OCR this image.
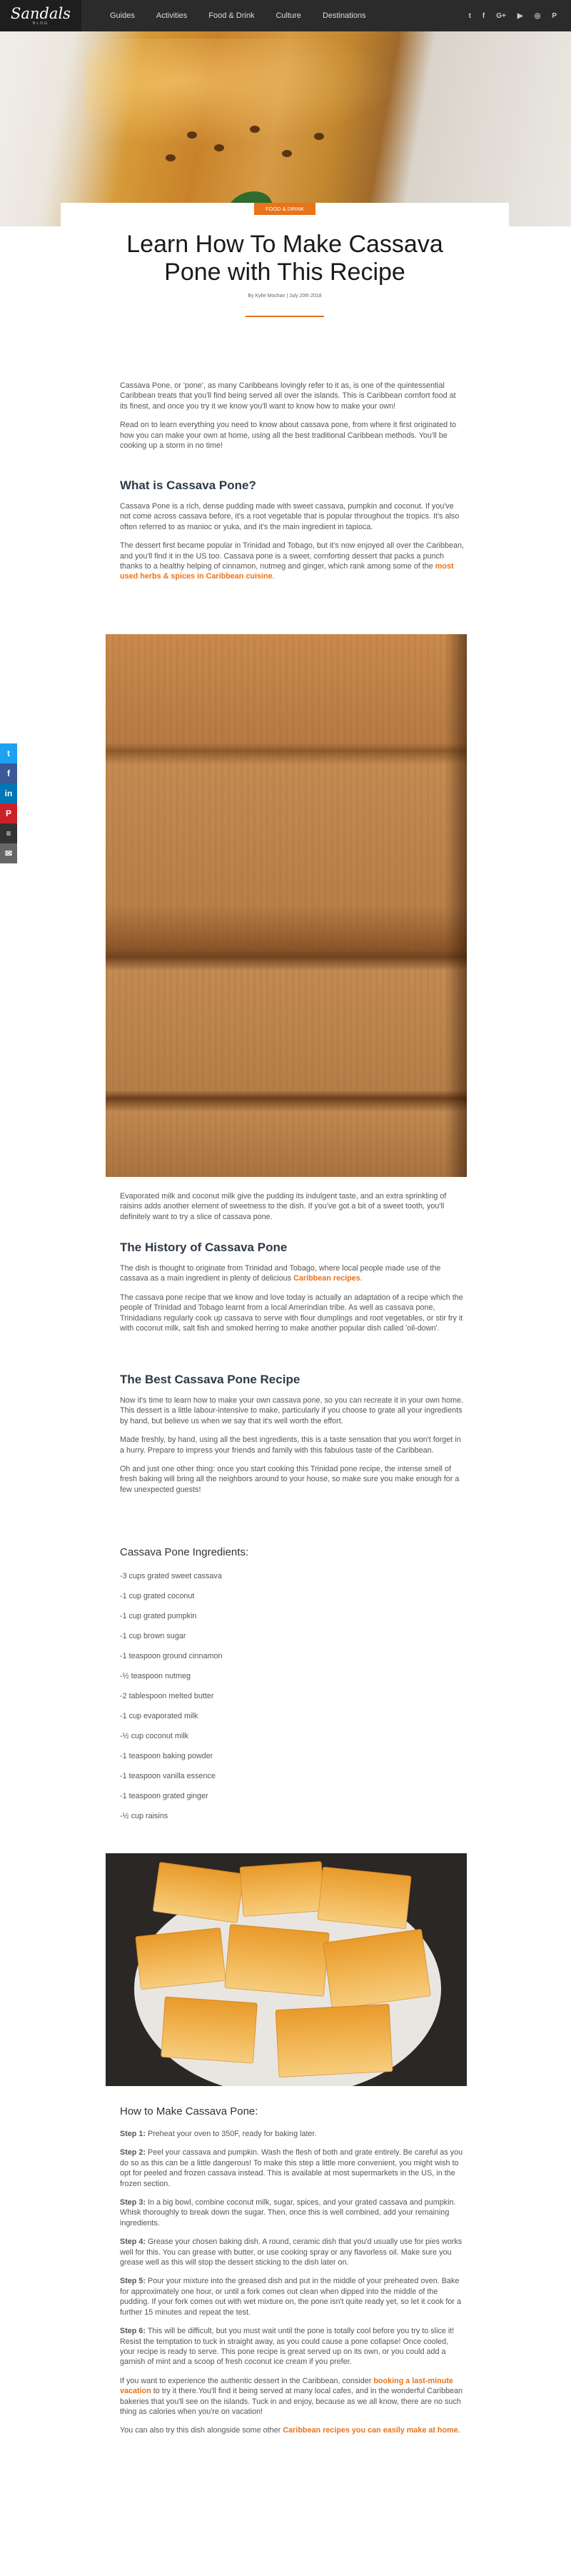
Sandals
BLOG
Guides	Activities	Food & Drink	Culture	Destinations	t f G+ ▶ ◎ P
FOOD & DRINK
Learn How To Make Cassava Pone with This Recipe
By Kylie Mochan | July 20th 2018
t
f
in
P
≡
✉

Cassava Pone, or 'pone', as many Caribbeans lovingly refer to it as, is one of the quintessential Caribbean treats that you'll find being served all over the islands. This is Caribbean comfort food at its finest, and once you try it we know you'll want to know how to make your own!

Read on to learn everything you need to know about cassava pone, from where it first originated to how you can make your own at home, using all the best traditional Caribbean methods. You'll be cooking up a storm in no time!

What is Cassava Pone?

Cassava Pone is a rich, dense pudding made with sweet cassava, pumpkin and coconut. If you've not come across cassava before, it's a root vegetable that is popular throughout the tropics. It's also often referred to as manioc or yuka, and it's the main ingredient in tapioca.

The dessert first became popular in Trinidad and Tobago, but it's now enjoyed all over the Caribbean, and you'll find it in the US too. Cassava pone is a sweet, comforting dessert that packs a punch thanks to a healthy helping of cinnamon, nutmeg and ginger, which rank among some of the most used herbs & spices in Caribbean cuisine.

Evaporated milk and coconut milk give the pudding its indulgent taste, and an extra sprinkling of raisins adds another element of sweetness to the dish. If you've got a bit of a sweet tooth, you'll definitely want to try a slice of cassava pone.

The History of Cassava Pone

The dish is thought to originate from Trinidad and Tobago, where local people made use of the cassava as a main ingredient in plenty of delicious Caribbean recipes.

The cassava pone recipe that we know and love today is actually an adaptation of a recipe which the people of Trinidad and Tobago learnt from a local Amerindian tribe. As well as cassava pone, Trinidadians regularly cook up cassava to serve with flour dumplings and root vegetables, or stir fry it with coconut milk, salt fish and smoked herring to make another popular dish called 'oil-down'.

The Best Cassava Pone Recipe

Now it's time to learn how to make your own cassava pone, so you can recreate it in your own home. This dessert is a little labour-intensive to make, particularly if you choose to grate all your ingredients by hand, but believe us when we say that it's well worth the effort.

Made freshly, by hand, using all the best ingredients, this is a taste sensation that you won't forget in a hurry. Prepare to impress your friends and family with this fabulous taste of the Caribbean.

Oh and just one other thing: once you start cooking this Trinidad pone recipe, the intense smell of fresh baking will bring all the neighbors around to your house, so make sure you make enough for a few unexpected guests!

Cassava Pone Ingredients:

-3 cups grated sweet cassava

-1 cup grated coconut

-1 cup grated pumpkin

-1 cup brown sugar

-1 teaspoon ground cinnamon

-½ teaspoon nutmeg

-2 tablespoon melted butter

-1 cup evaporated milk

-½ cup coconut milk

-1 teaspoon baking powder

-1 teaspoon vanilla essence

-1 teaspoon grated ginger

-½ cup raisins

How to Make Cassava Pone:

Step 1: Preheat your oven to 350F, ready for baking later.

Step 2: Peel your cassava and pumpkin. Wash the flesh of both and grate entirely. Be careful as you do so as this can be a little dangerous! To make this step a little more convenient, you might wish to opt for peeled and frozen cassava instead. This is available at most supermarkets in the US, in the frozen section.

Step 3: In a big bowl, combine coconut milk, sugar, spices, and your grated cassava and pumpkin. Whisk thoroughly to break down the sugar. Then, once this is well combined, add your remaining ingredients.

Step 4: Grease your chosen baking dish. A round, ceramic dish that you'd usually use for pies works well for this. You can grease with butter, or use cooking spray or any flavorless oil. Make sure you grease well as this will stop the dessert sticking to the dish later on.

Step 5: Pour your mixture into the greased dish and put in the middle of your preheated oven. Bake for approximately one hour, or until a fork comes out clean when dipped into the middle of the pudding. If your fork comes out with wet mixture on, the pone isn't quite ready yet, so let it cook for a further 15 minutes and repeat the test.

Step 6: This will be difficult, but you must wait until the pone is totally cool before you try to slice it! Resist the temptation to tuck in straight away, as you could cause a pone collapse! Once cooled, your recipe is ready to serve. This pone recipe is great served up on its own, or you could add a garnish of mint and a scoop of fresh coconut ice cream if you prefer.

If you want to experience the authentic dessert in the Caribbean, consider booking a last-minute vacation to try it there.You'll find it being served at many local cafes, and in the wonderful Caribbean bakeries that you'll see on the islands. Tuck in and enjoy, because as we all know, there are no such thing as calories when you're on vacation!

You can also try this dish alongside some other Caribbean recipes you can easily make at home.
